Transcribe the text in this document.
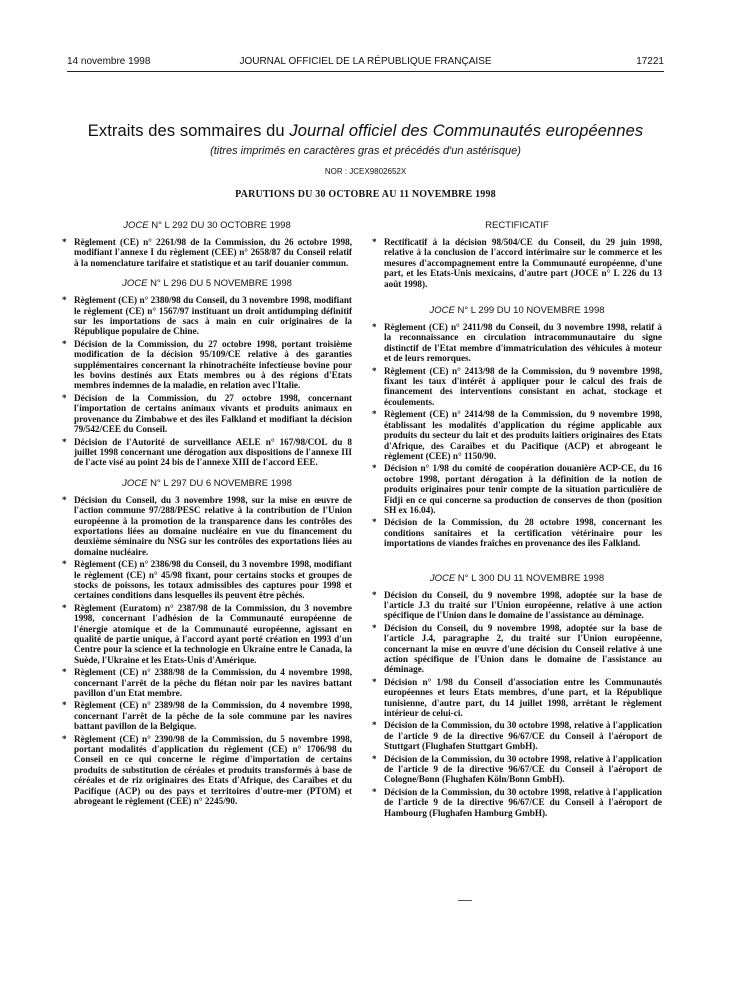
14 novembre 1998	JOURNAL OFFICIEL DE LA RÉPUBLIQUE FRANÇAISE	17221
Extraits des sommaires du Journal officiel des Communautés européennes
(titres imprimés en caractères gras et précédés d'un astérisque)
NOR : JCEX9802652X
PARUTIONS DU 30 OCTOBRE AU 11 NOVEMBRE 1998
JOCE N° L 292 DU 30 OCTOBRE 1998
* Règlement (CE) n° 2261/98 de la Commission, du 26 octobre 1998, modifiant l'annexe I du règlement (CEE) n° 2658/87 du Conseil relatif à la nomenclature tarifaire et statistique et au tarif douanier commun.
JOCE N° L 296 DU 5 NOVEMBRE 1998
* Règlement (CE) n° 2380/98 du Conseil, du 3 novembre 1998, modifiant le règlement (CE) n° 1567/97 instituant un droit antidumping définitif sur les importations de sacs à main en cuir originaires de la République populaire de Chine.
* Décision de la Commission, du 27 octobre 1998, portant troisième modification de la décision 95/109/CE relative à des garanties supplémentaires concernant la rhinotrachéite infectieuse bovine pour les bovins destinés aux Etats membres ou à des régions d'Etats membres indemnes de la maladie, en relation avec l'Italie.
* Décision de la Commission, du 27 octobre 1998, concernant l'importation de certains animaux vivants et produits animaux en provenance du Zimbabwe et des îles Falkland et modifiant la décision 79/542/CEE du Conseil.
* Décision de l'Autorité de surveillance AELE n° 167/98/COL du 8 juillet 1998 concernant une dérogation aux dispositions de l'annexe III de l'acte visé au point 24 bis de l'annexe XIII de l'accord EEE.
JOCE N° L 297 DU 6 NOVEMBRE 1998
* Décision du Conseil, du 3 novembre 1998, sur la mise en œuvre de l'action commune 97/288/PESC relative à la contribution de l'Union européenne à la promotion de la transparence dans les contrôles des exportations liées au domaine nucléaire en vue du financement du deuxième séminaire du NSG sur les contrôles des exportations liées au domaine nucléaire.
* Règlement (CE) n° 2386/98 du Conseil, du 3 novembre 1998, modifiant le règlement (CE) n° 45/98 fixant, pour certains stocks et groupes de stocks de poissons, les totaux admissibles des captures pour 1998 et certaines conditions dans lesquelles ils peuvent être pêchés.
* Règlement (Euratom) n° 2387/98 de la Commission, du 3 novembre 1998, concernant l'adhésion de la Communauté européenne de l'énergie atomique et de la Communauté européenne, agissant en qualité de partie unique, à l'accord ayant porté création en 1993 d'un Centre pour la science et la technologie en Ukraine entre le Canada, la Suède, l'Ukraine et les Etats-Unis d'Amérique.
* Règlement (CE) n° 2388/98 de la Commission, du 4 novembre 1998, concernant l'arrêt de la pêche du flétan noir par les navires battant pavillon d'un Etat membre.
* Règlement (CE) n° 2389/98 de la Commission, du 4 novembre 1998, concernant l'arrêt de la pêche de la sole commune par les navires battant pavillon de la Belgique.
* Règlement (CE) n° 2390/98 de la Commission, du 5 novembre 1998, portant modalités d'application du règlement (CE) n° 1706/98 du Conseil en ce qui concerne le régime d'importation de certains produits de substitution de céréales et produits transformés à base de céréales et de riz originaires des Etats d'Afrique, des Caraïbes et du Pacifique (ACP) ou des pays et territoires d'outre-mer (PTOM) et abrogeant le règlement (CEE) n° 2245/90.
RECTIFICATIF
* Rectificatif à la décision 98/504/CE du Conseil, du 29 juin 1998, relative à la conclusion de l'accord intérimaire sur le commerce et les mesures d'accompagnement entre la Communauté européenne, d'une part, et les Etats-Unis mexicains, d'autre part (JOCE n° L 226 du 13 août 1998).
JOCE N° L 299 DU 10 NOVEMBRE 1998
* Règlement (CE) n° 2411/98 du Conseil, du 3 novembre 1998, relatif à la reconnaissance en circulation intracommunautaire du signe distinctif de l'Etat membre d'immatriculation des véhicules à moteur et de leurs remorques.
* Règlement (CE) n° 2413/98 de la Commission, du 9 novembre 1998, fixant les taux d'intérêt à appliquer pour le calcul des frais de financement des interventions consistant en achat, stockage et écoulements.
* Règlement (CE) n° 2414/98 de la Commission, du 9 novembre 1998, établissant les modalités d'application du régime applicable aux produits du secteur du lait et des produits laitiers originaires des Etats d'Afrique, des Caraïbes et du Pacifique (ACP) et abrogeant le règlement (CEE) n° 1150/90.
* Décision n° 1/98 du comité de coopération douanière ACP-CE, du 16 octobre 1998, portant dérogation à la définition de la notion de produits originaires pour tenir compte de la situation particulière de Fidji en ce qui concerne sa production de conserves de thon (position SH ex 16.04).
* Décision de la Commission, du 28 octobre 1998, concernant les conditions sanitaires et la certification vétérinaire pour les importations de viandes fraîches en provenance des îles Falkland.
JOCE N° L 300 DU 11 NOVEMBRE 1998
* Décision du Conseil, du 9 novembre 1998, adoptée sur la base de l'article J.3 du traité sur l'Union européenne, relative à une action spécifique de l'Union dans le domaine de l'assistance au déminage.
* Décision du Conseil, du 9 novembre 1998, adoptée sur la base de l'article J.4, paragraphe 2, du traité sur l'Union européenne, concernant la mise en œuvre d'une décision du Conseil relative à une action spécifique de l'Union dans le domaine de l'assistance au déminage.
* Décision n° 1/98 du Conseil d'association entre les Communautés européennes et leurs Etats membres, d'une part, et la République tunisienne, d'autre part, du 14 juillet 1998, arrêtant le règlement intérieur de celui-ci.
* Décision de la Commission, du 30 octobre 1998, relative à l'application de l'article 9 de la directive 96/67/CE du Conseil à l'aéroport de Stuttgart (Flughafen Stuttgart GmbH).
* Décision de la Commission, du 30 octobre 1998, relative à l'application de l'article 9 de la directive 96/67/CE du Conseil à l'aéroport de Cologne/Bonn (Flughafen Köln/Bonn GmbH).
* Décision de la Commission, du 30 octobre 1998, relative à l'application de l'article 9 de la directive 96/67/CE du Conseil à l'aéroport de Hambourg (Flughafen Hamburg GmbH).
